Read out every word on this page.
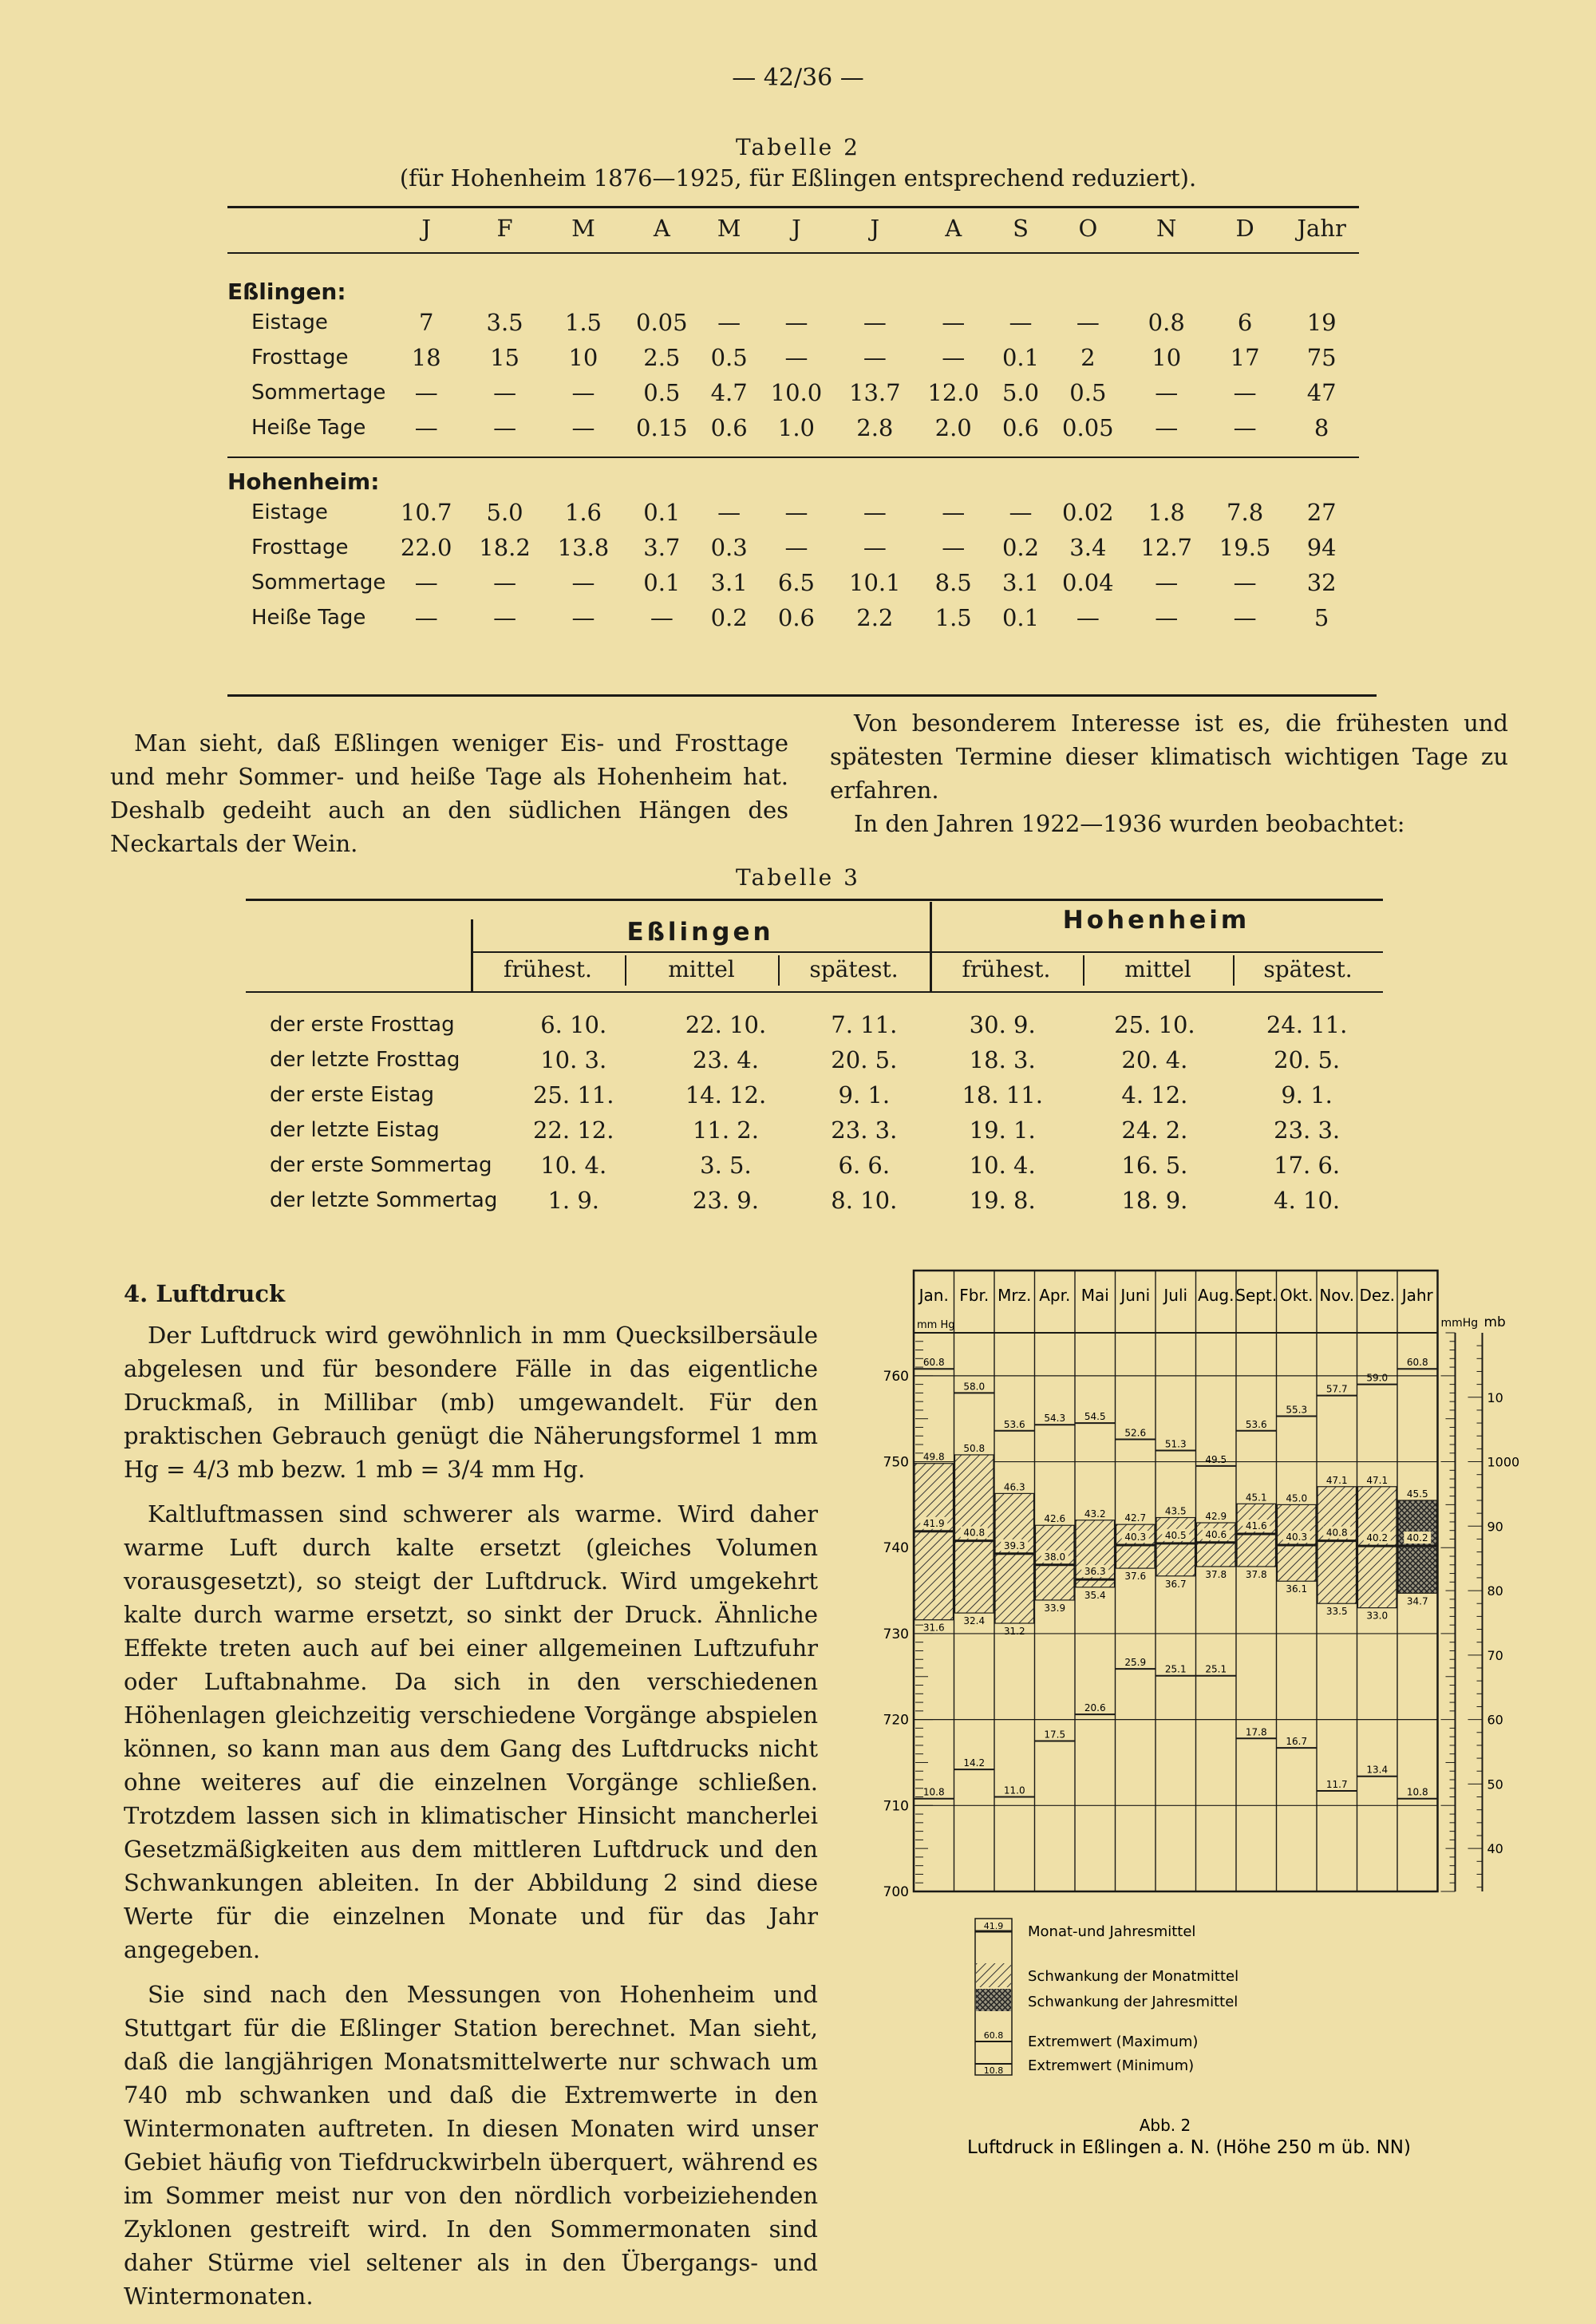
— 42/36 —
Tabelle 2
(für Hohenheim 1876—1925, für Eßlingen entsprechend reduziert).
	J	F	M	A	M	J	J	A	S	O	N	D	Jahr
Eßlingen:													
Eistage	7	3.5	1.5	0.05	—	—	—	—	—	—	0.8	6	19
Frosttage	18	15	10	2.5	0.5	—	—	—	0.1	2	10	17	75
Sommertage	—	—	—	0.5	4.7	10.0	13.7	12.0	5.0	0.5	—	—	47
Heiße Tage	—	—	—	0.15	0.6	1.0	2.8	2.0	0.6	0.05	—	—	8
Hohenheim:													
Eistage	10.7	5.0	1.6	0.1	—	—	—	—	—	0.02	1.8	7.8	27
Frosttage	22.0	18.2	13.8	3.7	0.3	—	—	—	0.2	3.4	12.7	19.5	94
Sommertage	—	—	—	0.1	3.1	6.5	10.1	8.5	3.1	0.04	—	—	32
Heiße Tage	—	—	—	—	0.2	0.6	2.2	1.5	0.1	—	—	—	5

Man sieht, daß Eßlingen weniger Eis- und Frosttage und mehr Sommer- und heiße Tage als Hohenheim hat. Deshalb gedeiht auch an den südlichen Hängen des Neckartals der Wein.

Von besonderem Interesse ist es, die frühesten und spätesten Termine dieser klimatisch wichtigen Tage zu erfahren.

In den Jahren 1922—1936 wurden beobachtet:

Tabelle 3
Eßlingen	Hohenheim
frühest.	mittel	spätest.	frühest.	mittel	spätest.
der erste Frosttag	6. 10.	22. 10.	7. 11.	30. 9.	25. 10.	24. 11.
der letzte Frosttag	10. 3.	23. 4.	20. 5.	18. 3.	20. 4.	20. 5.
der erste Eistag	25. 11.	14. 12.	9. 1.	18. 11.	4. 12.	9. 1.
der letzte Eistag	22. 12.	11. 2.	23. 3.	19. 1.	24. 2.	23. 3.
der erste Sommertag	10. 4.	3. 5.	6. 6.	10. 4.	16. 5.	17. 6.
der letzte Sommertag	1. 9.	23. 9.	8. 10.	19. 8.	18. 9.	4. 10.
4. Luftdruck

Der Luftdruck wird gewöhnlich in mm Quecksilbersäule abgelesen und für besondere Fälle in das eigentliche Druckmaß, in Millibar (mb) umgewandelt. Für den praktischen Gebrauch genügt die Näherungsformel 1 mm Hg = 4/3 mb bezw. 1 mb = 3/4 mm Hg.

Kaltluftmassen sind schwerer als warme. Wird daher warme Luft durch kalte ersetzt (gleiches Volumen vorausgesetzt), so steigt der Luftdruck. Wird umgekehrt kalte durch warme ersetzt, so sinkt der Druck. Ähnliche Effekte treten auch auf bei einer allgemeinen Luftzufuhr oder Luftabnahme. Da sich in den verschiedenen Höhenlagen gleichzeitig verschiedene Vorgänge abspielen können, so kann man aus dem Gang des Luftdrucks nicht ohne weiteres auf die einzelnen Vorgänge schließen. Trotzdem lassen sich in klimatischer Hinsicht mancherlei Gesetzmäßigkeiten aus dem mittleren Luftdruck und den Schwankungen ableiten. In der Abbildung 2 sind diese Werte für die einzelnen Monate und für das Jahr angegeben.

Sie sind nach den Messungen von Hohenheim und Stuttgart für die Eßlinger Station berechnet. Man sieht, daß die langjährigen Monatsmittelwerte nur schwach um 740 mb schwanken und daß die Extremwerte in den Wintermonaten auftreten. In diesen Monaten wird unser Gebiet häufig von Tiefdruckwirbeln überquert, während es im Sommer meist nur von den nördlich vorbeiziehenden Zyklonen gestreift wird. In den Sommermonaten sind daher Stürme viel seltener als in den Übergangs- und Wintermonaten.

mm Hg	mmHg mb
Jan. Fbr. Mrz. Apr. Mai Juni Juli Aug. Sept. Okt. Nov. Dez. Jahr
760
750
740
730
720
710
700
10
1000
90
80
70
60
50
40
60.8
49.8
41.9
31.6
10.8
58.0
50.8
40.8
32.4
14.2
53.6
46.3
39.3
31.2
11.0
54.3
42.6
38.0
33.9
17.5
54.5
43.2
36.3
35.4
20.6
52.6
42.7
40.3
37.6
25.9
51.3
43.5
40.5
36.7
25.1
49.5
42.9
40.6
37.8
25.1
53.6
45.1
41.6
37.8
17.8
55.3
45.0
40.3
36.1
16.7
57.7
47.1
40.8
33.5
11.7
59.0
47.1
40.2
33.0
13.4
60.8
45.5
40.2
34.7
10.8
41.9
60.8
10.8
Monat-und Jahresmittel
Schwankung der Monatmittel
Schwankung der Jahresmittel
Extremwert (Maximum)
Extremwert (Minimum)
Abb. 2
Luftdruck in Eßlingen a. N. (Höhe 250 m üb. NN)
